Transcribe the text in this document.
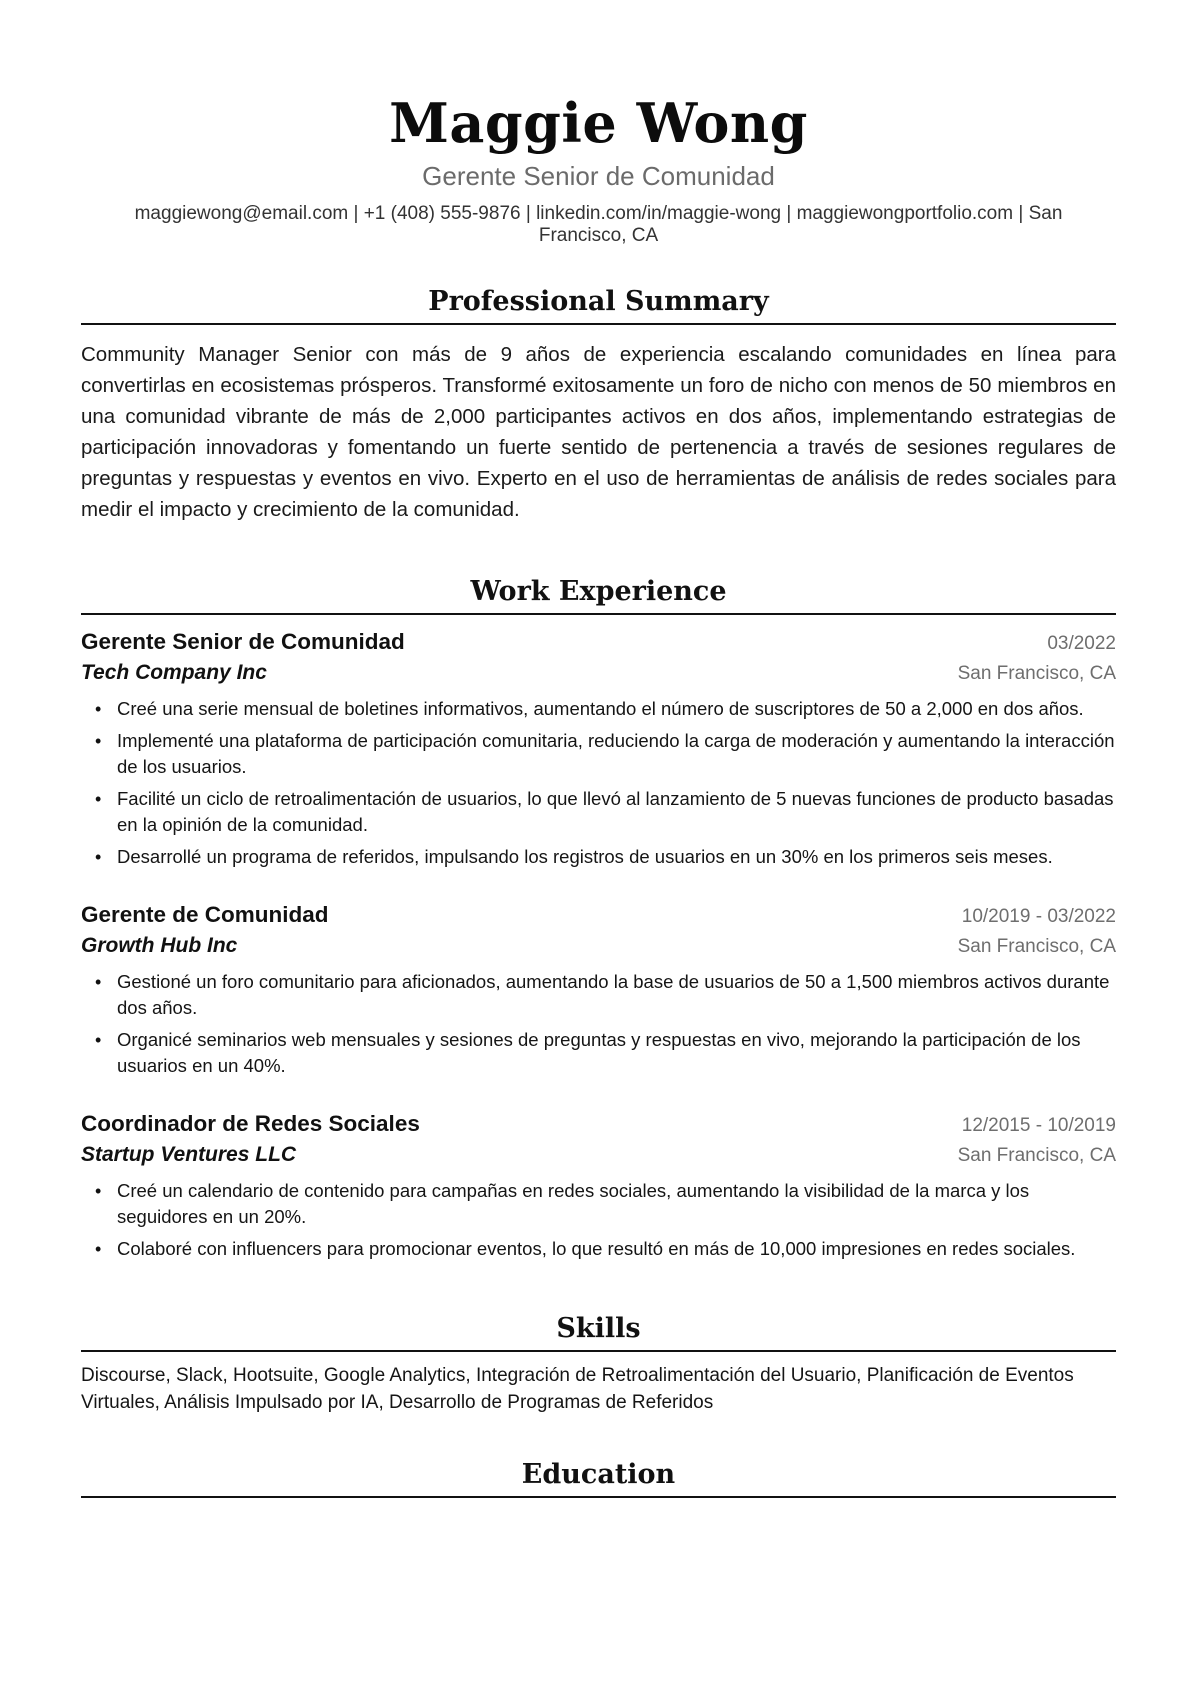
Maggie Wong
Gerente Senior de Comunidad
maggiewong@email.com | +1 (408) 555-9876 | linkedin.com/in/maggie-wong | maggiewongportfolio.com | San Francisco, CA
Professional Summary
Community Manager Senior con más de 9 años de experiencia escalando comunidades en línea para convertirlas en ecosistemas prósperos. Transformé exitosamente un foro de nicho con menos de 50 miembros en una comunidad vibrante de más de 2,000 participantes activos en dos años, implementando estrategias de participación innovadoras y fomentando un fuerte sentido de pertenencia a través de sesiones regulares de preguntas y respuestas y eventos en vivo. Experto en el uso de herramientas de análisis de redes sociales para medir el impacto y crecimiento de la comunidad.
Work Experience
Gerente Senior de Comunidad	03/2022
Tech Company Inc	San Francisco, CA
• Creé una serie mensual de boletines informativos, aumentando el número de suscriptores de 50 a 2,000 en dos años.
• Implementé una plataforma de participación comunitaria, reduciendo la carga de moderación y aumentando la interacción de los usuarios.
• Facilité un ciclo de retroalimentación de usuarios, lo que llevó al lanzamiento de 5 nuevas funciones de producto basadas en la opinión de la comunidad.
• Desarrollé un programa de referidos, impulsando los registros de usuarios en un 30% en los primeros seis meses.
Gerente de Comunidad	10/2019 - 03/2022
Growth Hub Inc	San Francisco, CA
• Gestioné un foro comunitario para aficionados, aumentando la base de usuarios de 50 a 1,500 miembros activos durante dos años.
• Organicé seminarios web mensuales y sesiones de preguntas y respuestas en vivo, mejorando la participación de los usuarios en un 40%.
Coordinador de Redes Sociales	12/2015 - 10/2019
Startup Ventures LLC	San Francisco, CA
• Creé un calendario de contenido para campañas en redes sociales, aumentando la visibilidad de la marca y los seguidores en un 20%.
• Colaboré con influencers para promocionar eventos, lo que resultó en más de 10,000 impresiones en redes sociales.
Skills
Discourse, Slack, Hootsuite, Google Analytics, Integración de Retroalimentación del Usuario, Planificación de Eventos Virtuales, Análisis Impulsado por IA, Desarrollo de Programas de Referidos
Education
